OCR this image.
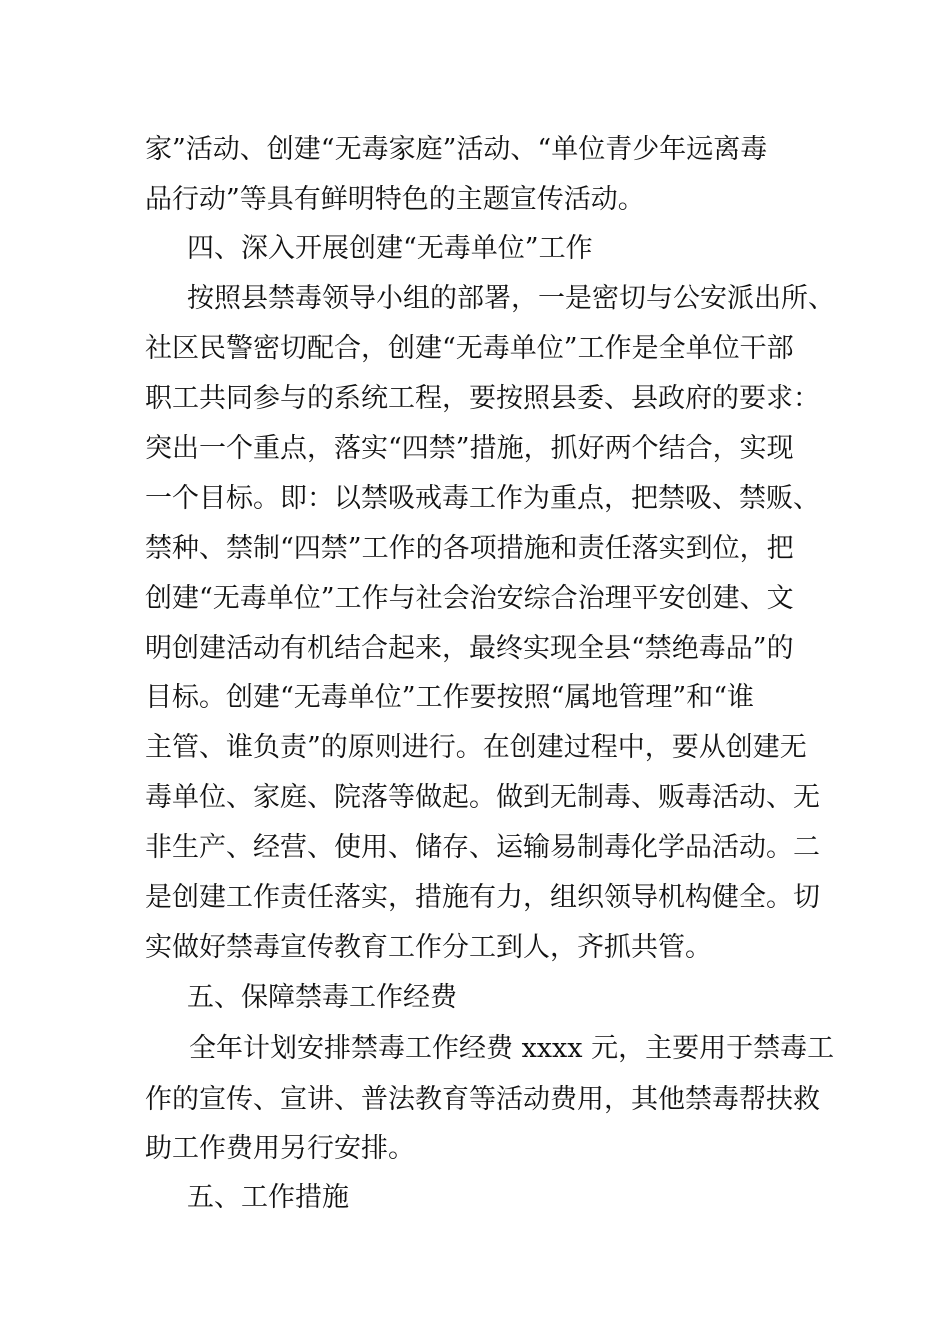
家”活动、创建“无毒家庭”活动、“单位青少年远离毒
品行动”等具有鲜明特色的主题宣传活动。
四、深入开展创建“无毒单位”工作
按照县禁毒领导小组的部署，一是密切与公安派出所、
社区民警密切配合，创建“无毒单位”工作是全单位干部
职工共同参与的系统工程，要按照县委、县政府的要求：
突出一个重点，落实“四禁”措施，抓好两个结合，实现
一个目标。即：以禁吸戒毒工作为重点，把禁吸、禁贩、
禁种、禁制“四禁”工作的各项措施和责任落实到位，把
创建“无毒单位”工作与社会治安综合治理平安创建、文
明创建活动有机结合起来，最终实现全县“禁绝毒品”的
目标。创建“无毒单位”工作要按照“属地管理”和“谁
主管、谁负责”的原则进行。在创建过程中，要从创建无
毒单位、家庭、院落等做起。做到无制毒、贩毒活动、无
非生产、经营、使用、储存、运输易制毒化学品活动。二
是创建工作责任落实，措施有力，组织领导机构健全。切
实做好禁毒宣传教育工作分工到人，齐抓共管。
五、保障禁毒工作经费
全年计划安排禁毒工作经费 xxxx 元，主要用于禁毒工
作的宣传、宣讲、普法教育等活动费用，其他禁毒帮扶救
助工作费用另行安排。
五、工作措施
